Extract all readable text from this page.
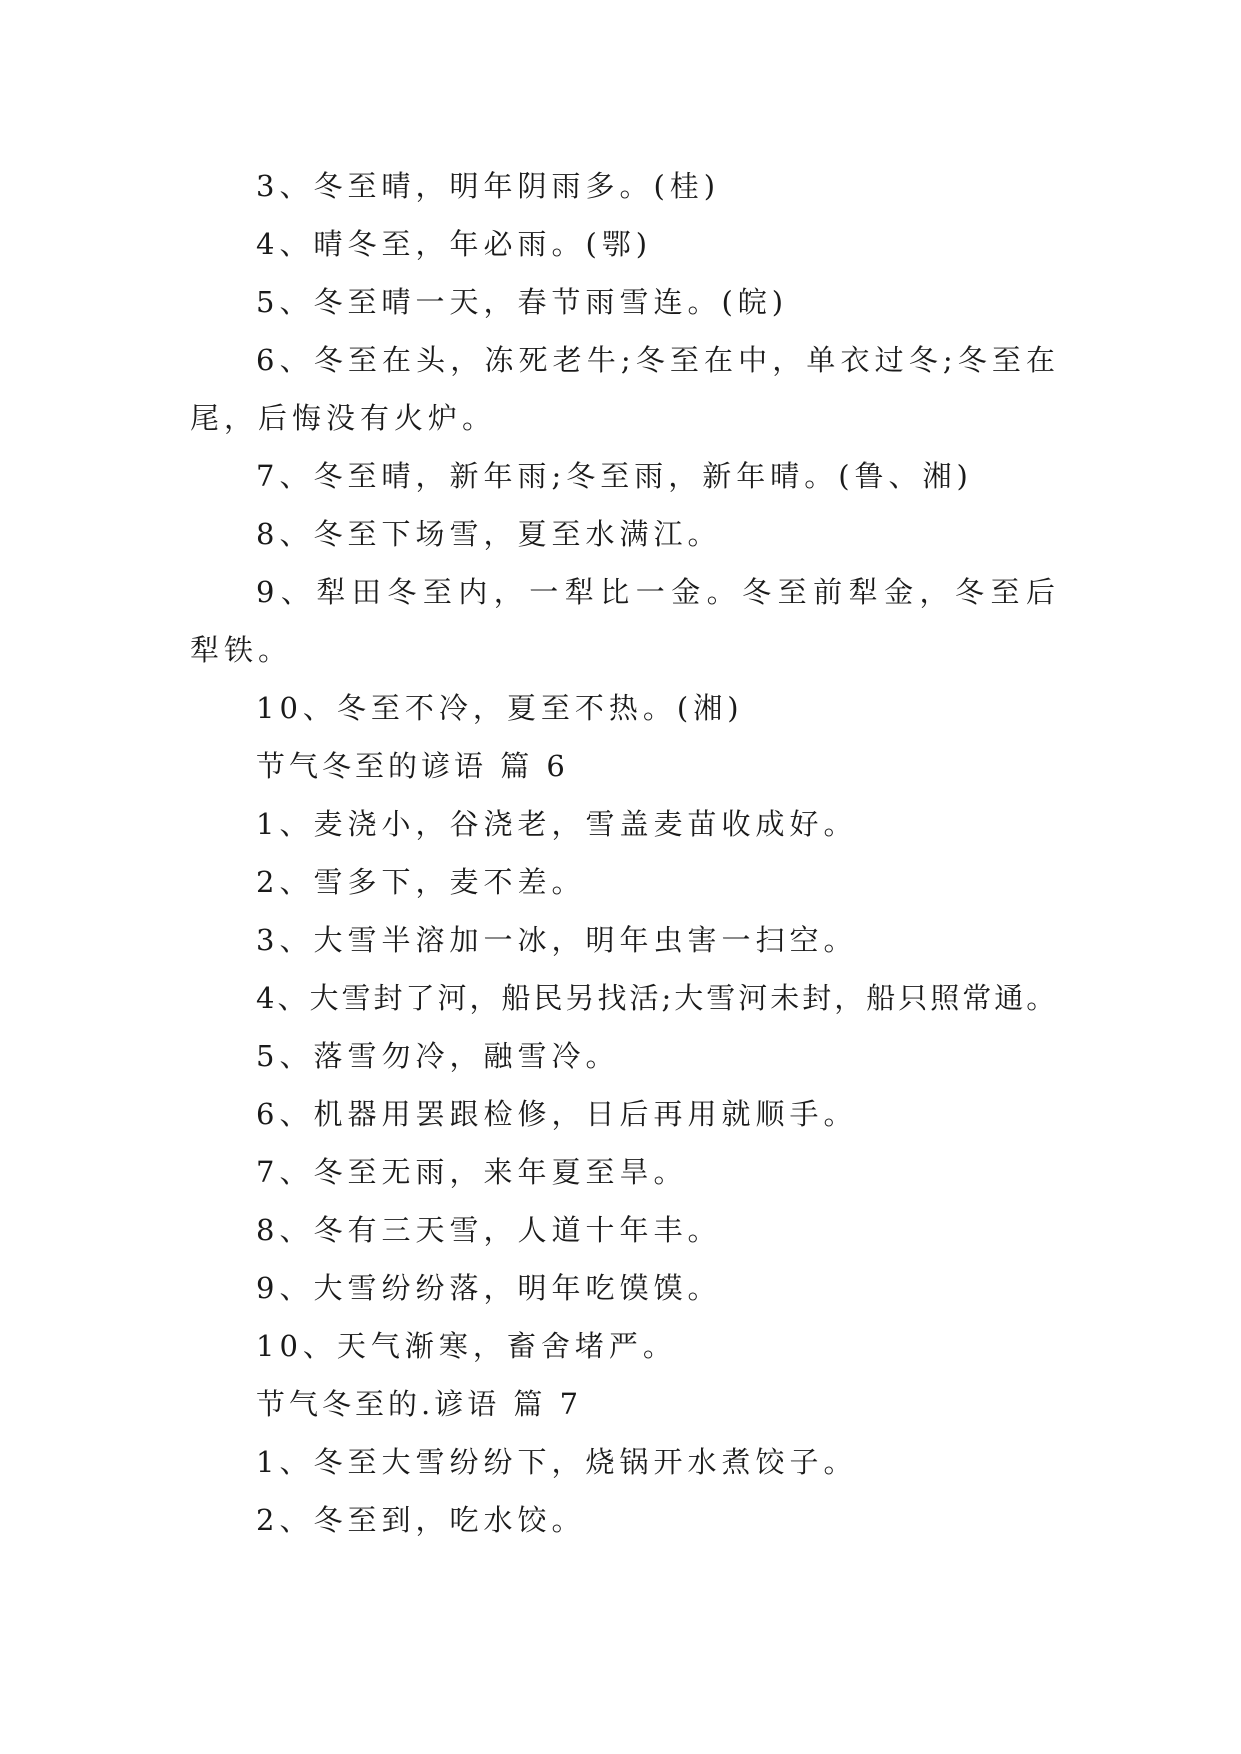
3、冬至晴，明年阴雨多。(桂)

4、晴冬至，年必雨。(鄂)

5、冬至晴一天，春节雨雪连。(皖)

6、冬至在头，冻死老牛;冬至在中，单衣过冬;冬至在尾，后悔没有火炉。

7、冬至晴，新年雨;冬至雨，新年晴。(鲁、湘)

8、冬至下场雪，夏至水满江。

9、犁田冬至内，一犁比一金。冬至前犁金，冬至后犁铁。

10、冬至不冷，夏至不热。(湘)

节气冬至的谚语 篇 6

1、麦浇小，谷浇老，雪盖麦苗收成好。

2、雪多下，麦不差。

3、大雪半溶加一冰，明年虫害一扫空。

4、大雪封了河，船民另找活;大雪河未封，船只照常通。

5、落雪勿冷，融雪冷。

6、机器用罢跟检修，日后再用就顺手。

7、冬至无雨，来年夏至旱。

8、冬有三天雪，人道十年丰。

9、大雪纷纷落，明年吃馍馍。

10、天气渐寒，畜舍堵严。

节气冬至的.谚语 篇 7

1、冬至大雪纷纷下，烧锅开水煮饺子。

2、冬至到，吃水饺。
